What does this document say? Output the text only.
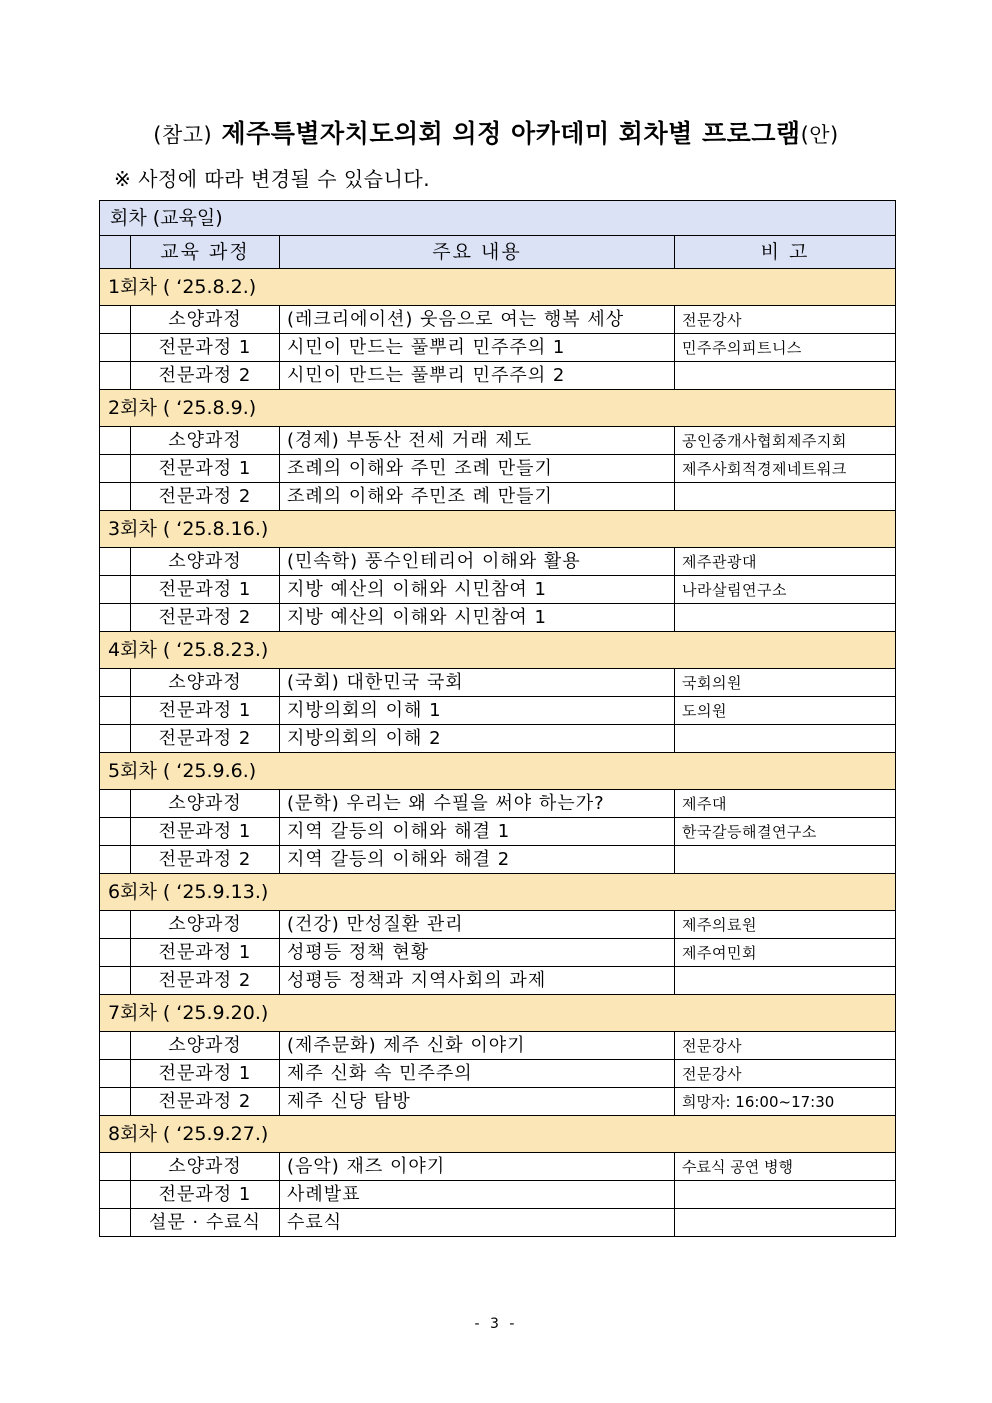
(참고) 제주특별자치도의회 의정 아카데미 회차별 프로그램(안)
※ 사정에 따라 변경될 수 있습니다.
회차 (교육일)			
	교육 과정	주요 내용	비 고
1회차 ( ‘25.8.2.)			
	소양과정	(레크리에이션) 웃음으로 여는 행복 세상	전문강사
	전문과정 1	시민이 만드는 풀뿌리 민주주의 1	민주주의피트니스
	전문과정 2	시민이 만드는 풀뿌리 민주주의 2	
2회차 ( ‘25.8.9.)			
	소양과정	(경제) 부동산 전세 거래 제도	공인중개사협회제주지회
	전문과정 1	조례의 이해와 주민 조례 만들기	제주사회적경제네트워크
	전문과정 2	조례의 이해와 주민조 례 만들기	
3회차 ( ‘25.8.16.)			
	소양과정	(민속학) 풍수인테리어 이해와 활용	제주관광대
	전문과정 1	지방 예산의 이해와 시민참여 1	나라살림연구소
	전문과정 2	지방 예산의 이해와 시민참여 1	
4회차 ( ‘25.8.23.)			
	소양과정	(국회) 대한민국 국회	국회의원
	전문과정 1	지방의회의 이해 1	도의원
	전문과정 2	지방의회의 이해 2	
5회차 ( ‘25.9.6.)			
	소양과정	(문학) 우리는 왜 수필을 써야 하는가?	제주대
	전문과정 1	지역 갈등의 이해와 해결 1	한국갈등해결연구소
	전문과정 2	지역 갈등의 이해와 해결 2	
6회차 ( ‘25.9.13.)			
	소양과정	(건강) 만성질환 관리	제주의료원
	전문과정 1	성평등 정책 현황	제주여민회
	전문과정 2	성평등 정책과 지역사회의 과제	
7회차 ( ‘25.9.20.)			
	소양과정	(제주문화) 제주 신화 이야기	전문강사
	전문과정 1	제주 신화 속 민주주의	전문강사
	전문과정 2	제주 신당 탐방	희망자: 16:00~17:30
8회차 ( ‘25.9.27.)			
	소양과정	(음악) 재즈 이야기	수료식 공연 병행
	전문과정 1	사례발표	
	설문 · 수료식	수료식	
- 3 -
